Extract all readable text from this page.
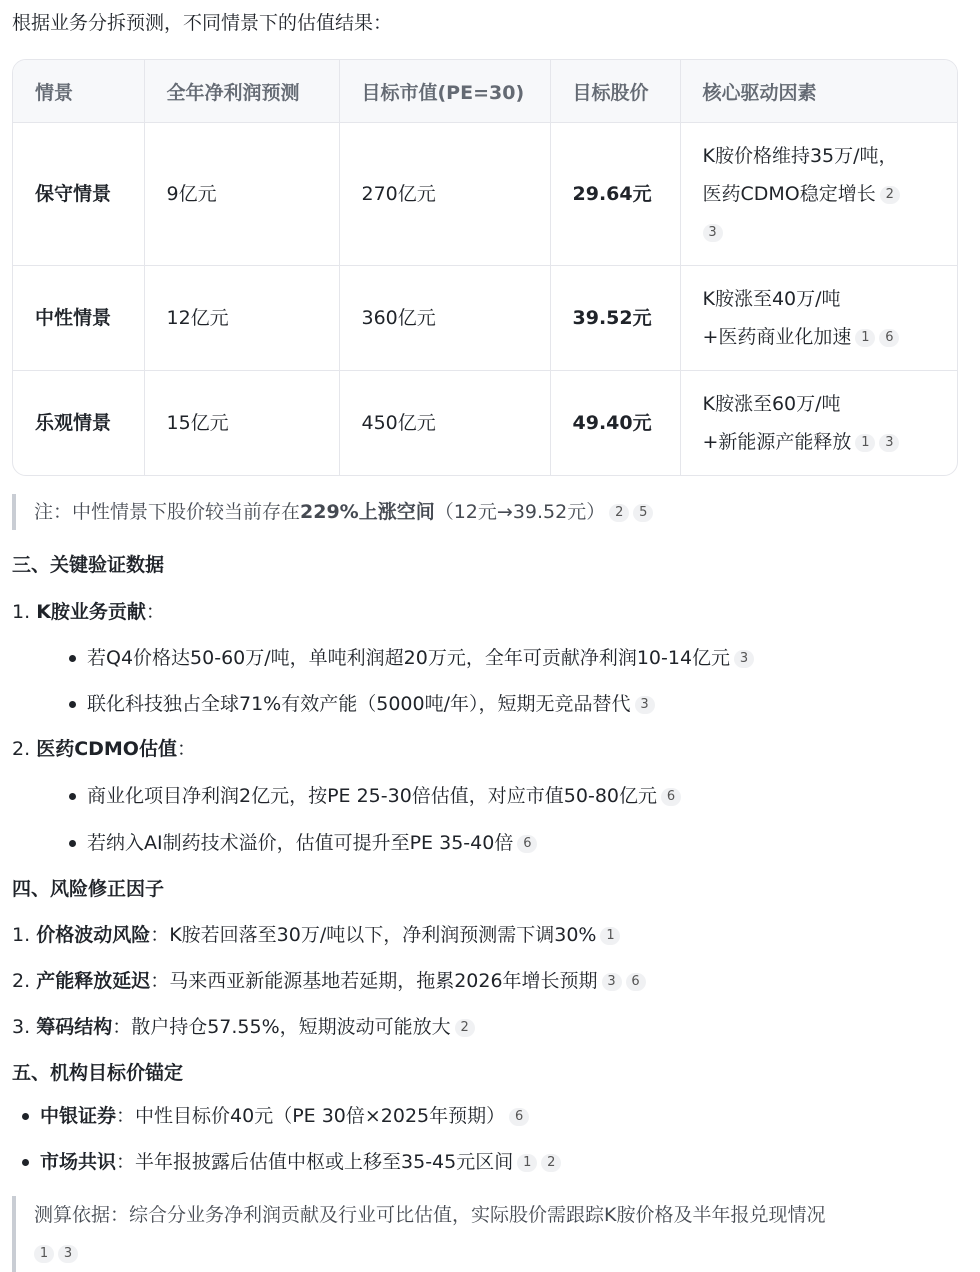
根据业务分拆预测，不同情景下的估值结果：
情景	全年净利润预测	目标市值(PE=30)	目标股价	核心驱动因素
保守情景	9亿元	270亿元	29.64元	K胺价格维持35万/吨，
医药CDMO稳定增长 2
3
中性情景	12亿元	360亿元	39.52元	K胺涨至40万/吨
+医药商业化加速 1 6
乐观情景	15亿元	450亿元	49.40元	K胺涨至60万/吨
+新能源产能释放 1 3
注：中性情景下股价较当前存在229%上涨空间（12元→39.52元） 2 5
三、关键验证数据
1. K胺业务贡献：
若Q4价格达50-60万/吨，单吨利润超20万元，全年可贡献净利润10-14亿元 3
联化科技独占全球71%有效产能（5000吨/年），短期无竞品替代 3
2. 医药CDMO估值：
商业化项目净利润2亿元，按PE 25-30倍估值，对应市值50-80亿元 6
若纳入AI制药技术溢价，估值可提升至PE 35-40倍 6
四、风险修正因子
1. 价格波动风险：K胺若回落至30万/吨以下，净利润预测需下调30% 1
2. 产能释放延迟：马来西亚新能源基地若延期，拖累2026年增长预期 3 6
3. 筹码结构：散户持仓57.55%，短期波动可能放大 2
五、机构目标价锚定
中银证券：中性目标价40元（PE 30倍×2025年预期） 6
市场共识：半年报披露后估值中枢或上移至35-45元区间 1 2
测算依据：综合分业务净利润贡献及行业可比估值，实际股价需跟踪K胺价格及半年报兑现情况
1 3
